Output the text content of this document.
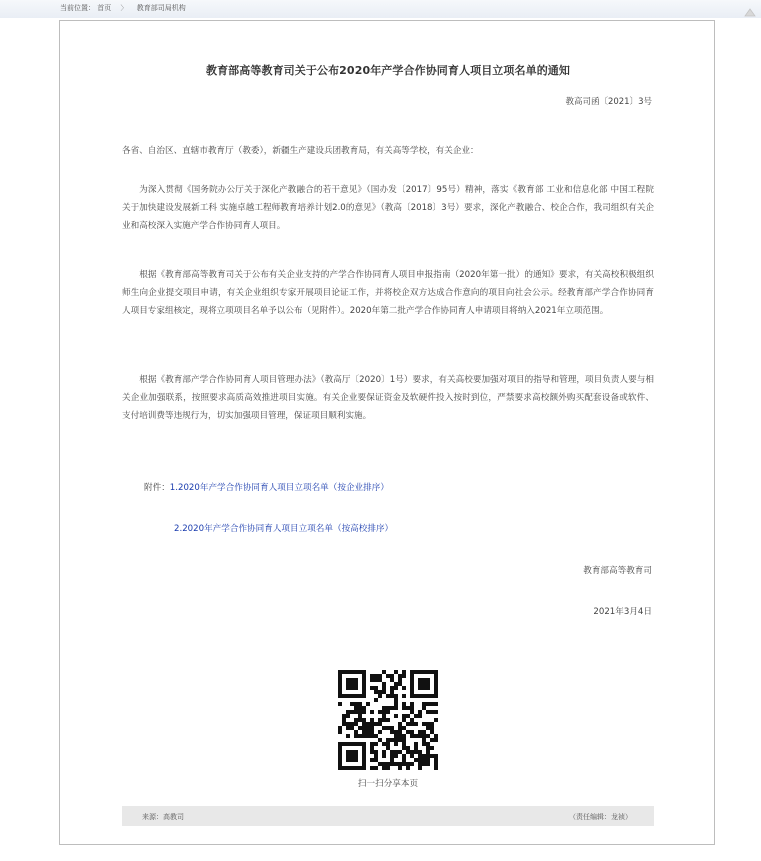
当前位置： 首页 〉 教育部司局机构
教育部高等教育司关于公布2020年产学合作协同育人项目立项名单的通知
教高司函〔2021〕3号

各省、自治区、直辖市教育厅（教委），新疆生产建设兵团教育局，有关高等学校，有关企业：

为深入贯彻《国务院办公厅关于深化产教融合的若干意见》（国办发〔2017〕95号）精神，落实《教育部 工业和信息化部 中国工程院关于加快建设发展新工科 实施卓越工程师教育培养计划2.0的意见》（教高〔2018〕3号）要求，深化产教融合、校企合作，我司组织有关企业和高校深入实施产学合作协同育人项目。

根据《教育部高等教育司关于公布有关企业支持的产学合作协同育人项目申报指南（2020年第一批）的通知》要求，有关高校积极组织师生向企业提交项目申请，有关企业组织专家开展项目论证工作，并将校企双方达成合作意向的项目向社会公示。经教育部产学合作协同育人项目专家组核定，现将立项项目名单予以公布（见附件）。2020年第二批产学合作协同育人申请项目将纳入2021年立项范围。

根据《教育部产学合作协同育人项目管理办法》（教高厅〔2020〕1号）要求，有关高校要加强对项目的指导和管理，项目负责人要与相关企业加强联系，按照要求高质高效推进项目实施。有关企业要保证资金及软硬件投入按时到位，严禁要求高校额外购买配套设备或软件、支付培训费等违规行为，切实加强项目管理，保证项目顺利实施。

附件：1.2020年产学合作协同育人项目立项名单（按企业排序）
2.2020年产学合作协同育人项目立项名单（按高校排序）
教育部高等教育司
2021年3月4日
扫一扫分享本页
来源：高教司	（责任编辑：龙祯）
